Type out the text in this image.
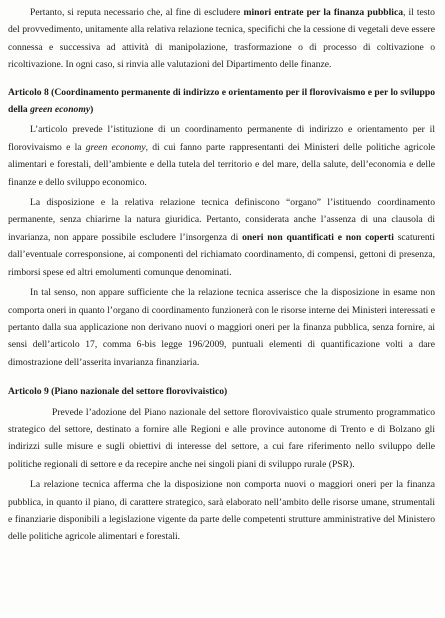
Pertanto, si reputa necessario che, al fine di escludere minori entrate per la finanza pubblica, il testo del provvedimento, unitamente alla relativa relazione tecnica, specifichi che la cessione di vegetali deve essere connessa e successiva ad attività di manipolazione, trasformazione o di processo di coltivazione o ricoltivazione. In ogni caso, si rinvia alle valutazioni del Dipartimento delle finanze.

Articolo 8 (Coordinamento permanente di indirizzo e orientamento per il florovivaismo e per lo sviluppo della green economy)

L’articolo prevede l’istituzione di un coordinamento permanente di indirizzo e orientamento per il florovivaismo e la green economy, di cui fanno parte rappresentanti dei Ministeri delle politiche agricole alimentari e forestali, dell’ambiente e della tutela del territorio e del mare, della salute, dell’economia e delle finanze e dello sviluppo economico.

La disposizione e la relativa relazione tecnica definiscono “organo” l’istituendo coordinamento permanente, senza chiarirne la natura giuridica. Pertanto, considerata anche l’assenza di una clausola di invarianza, non appare possibile escludere l’insorgenza di oneri non quantificati e non coperti scaturenti dall’eventuale corresponsione, ai componenti del richiamato coordinamento, di compensi, gettoni di presenza, rimborsi spese ed altri emolumenti comunque denominati.

In tal senso, non appare sufficiente che la relazione tecnica asserisce che la disposizione in esame non comporta oneri in quanto l’organo di coordinamento funzionerà con le risorse interne dei Ministeri interessati e pertanto dalla sua applicazione non derivano nuovi o maggiori oneri per la finanza pubblica, senza fornire, ai sensi dell’articolo 17, comma 6-bis legge 196/2009, puntuali elementi di quantificazione volti a dare dimostrazione dell’asserita invarianza finanziaria.

Articolo 9 (Piano nazionale del settore florovivaistico)

Prevede l’adozione del Piano nazionale del settore florovivaistico quale strumento programmatico strategico del settore, destinato a fornire alle Regioni e alle province autonome di Trento e di Bolzano gli indirizzi sulle misure e sugli obiettivi di interesse del settore, a cui fare riferimento nello sviluppo delle politiche regionali di settore e da recepire anche nei singoli piani di sviluppo rurale (PSR).

La relazione tecnica afferma che la disposizione non comporta nuovi o maggiori oneri per la finanza pubblica, in quanto il piano, di carattere strategico, sarà elaborato nell’ambito delle risorse umane, strumentali e finanziarie disponibili a legislazione vigente da parte delle competenti strutture amministrative del Ministero delle politiche agricole alimentari e forestali.
